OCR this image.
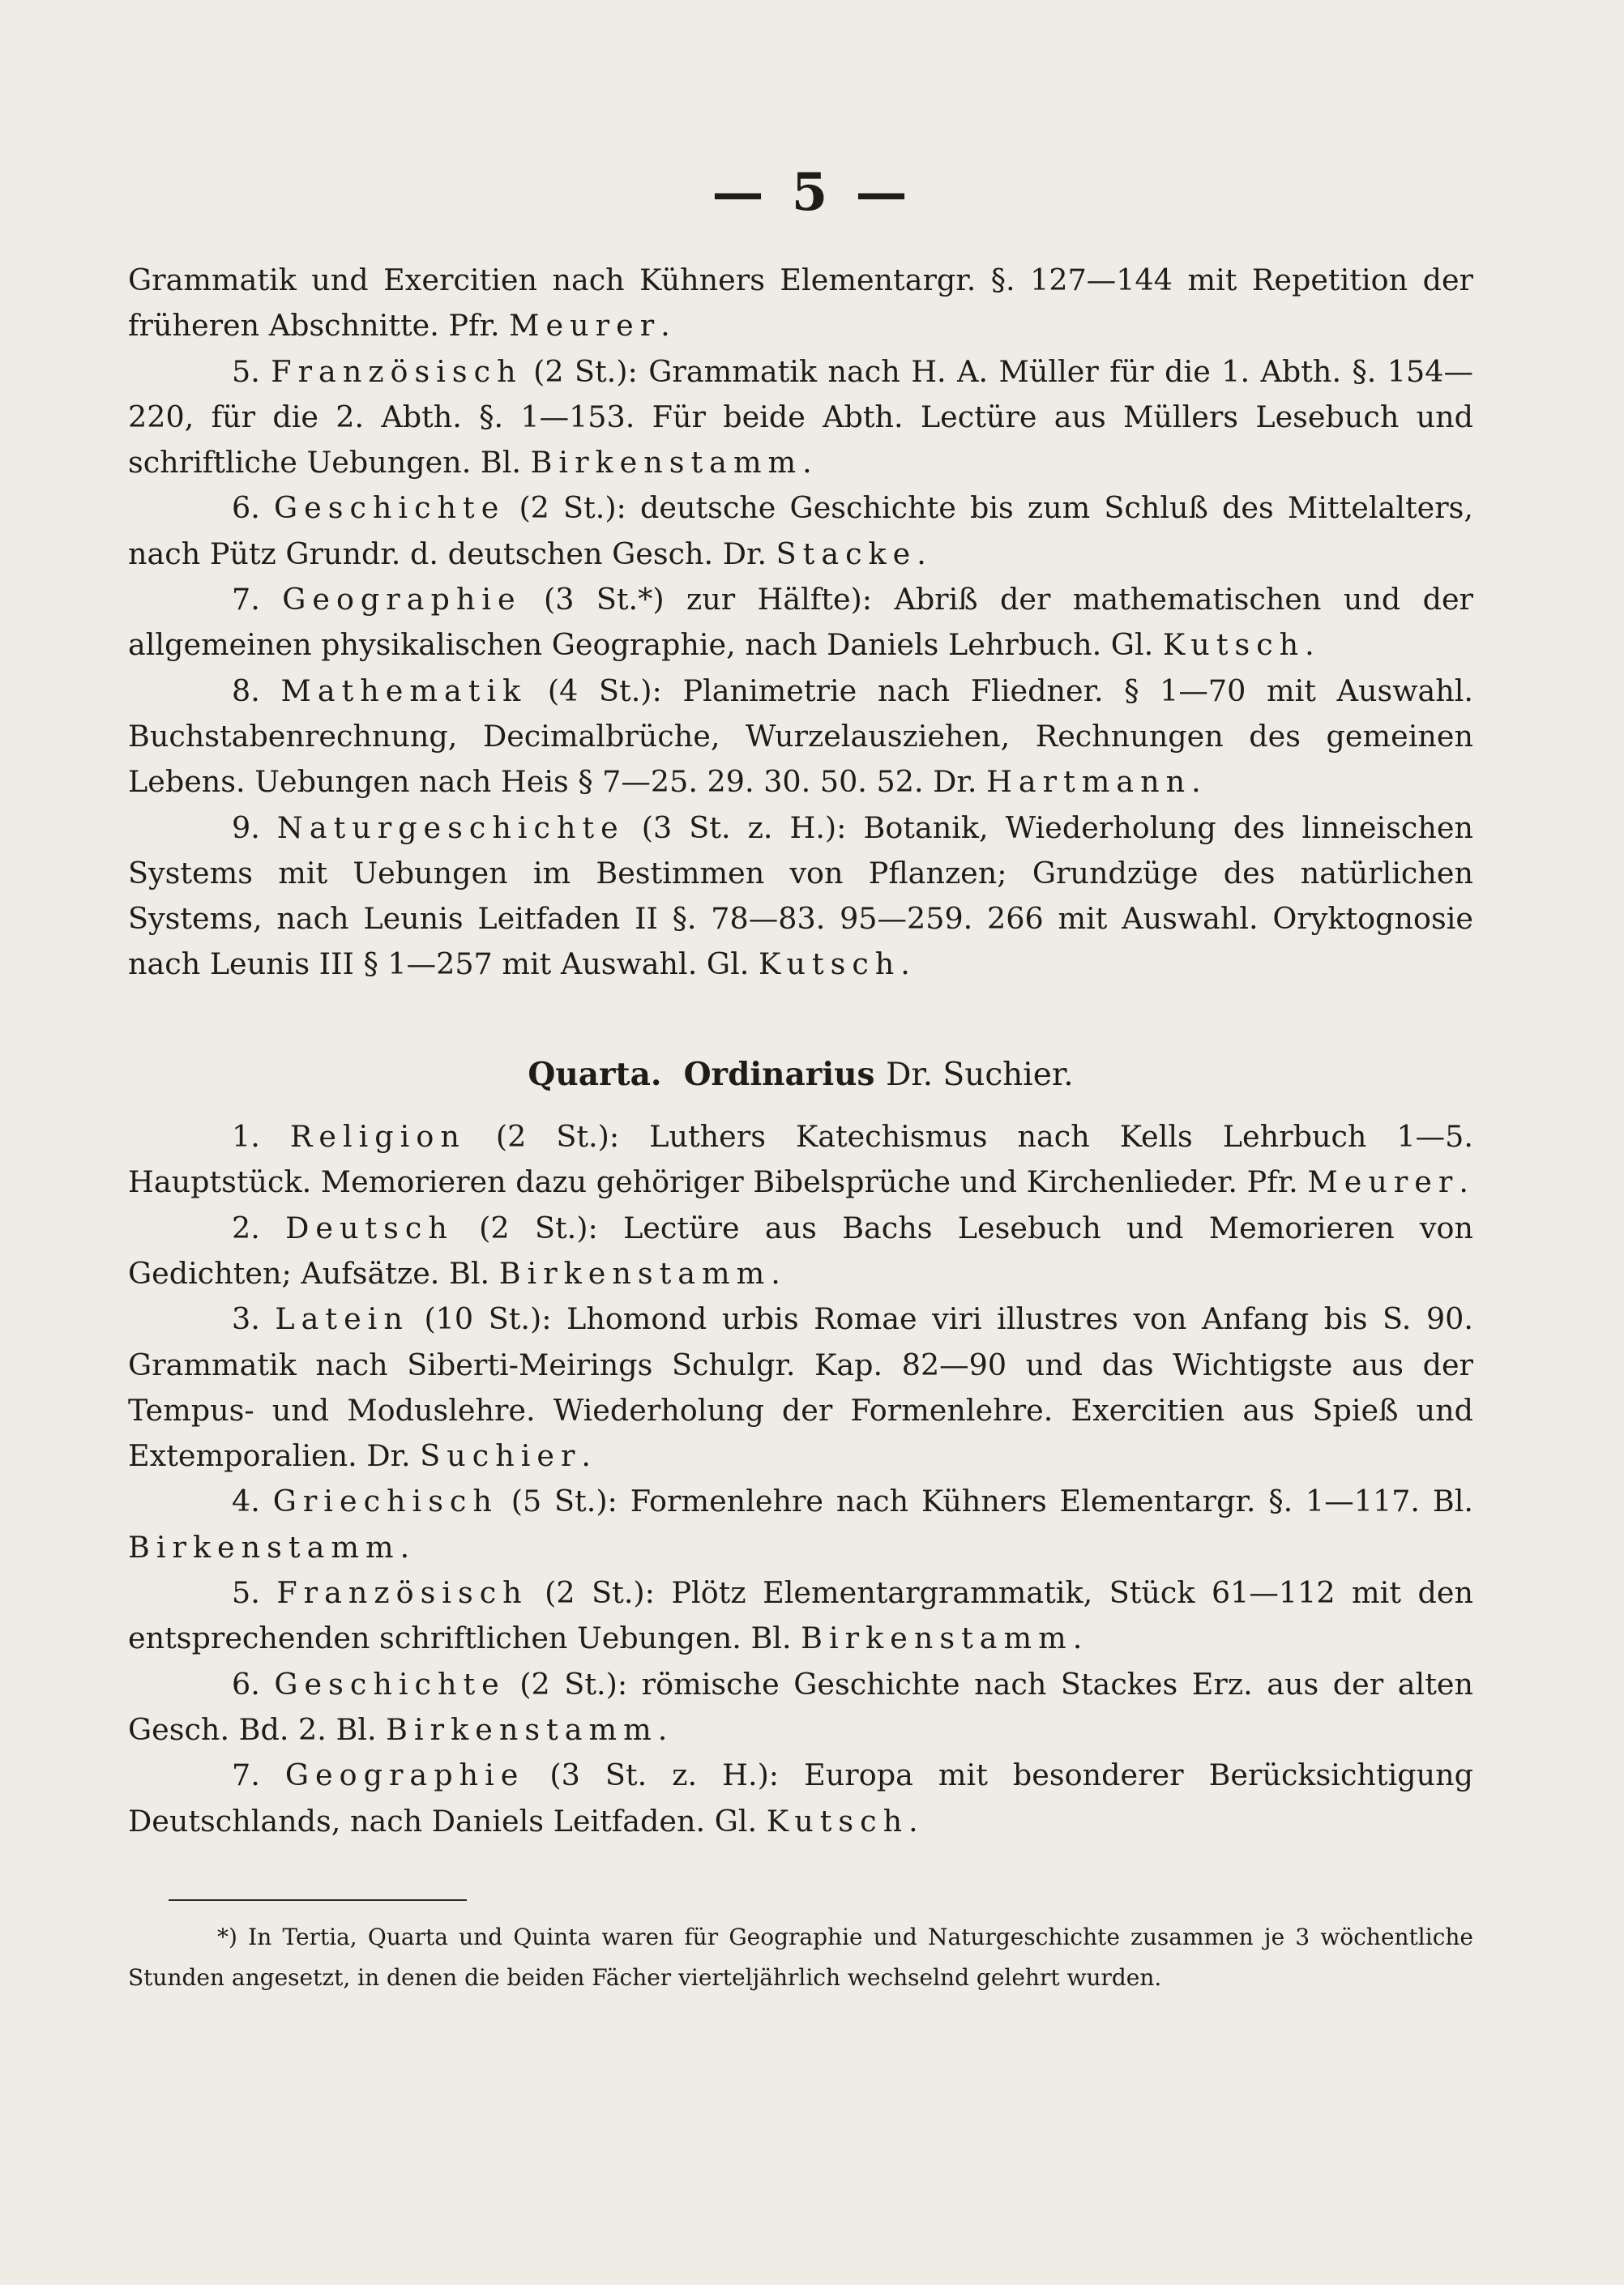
— 5 —

Grammatik und Exercitien nach Kühners Elementargr. §. 127—144 mit Repetition der früheren Abschnitte. Pfr. Meurer.

5. Französisch (2 St.): Grammatik nach H. A. Müller für die 1. Abth. §. 154—220, für die 2. Abth. §. 1—153. Für beide Abth. Lectüre aus Müllers Lesebuch und schriftliche Uebungen. Bl. Birkenstamm.

6. Geschichte (2 St.): deutsche Geschichte bis zum Schluß des Mittelalters, nach Pütz Grundr. d. deutschen Gesch. Dr. Stacke.

7. Geographie (3 St.*) zur Hälfte): Abriß der mathematischen und der allgemeinen physikalischen Geographie, nach Daniels Lehrbuch. Gl. Kutsch.

8. Mathematik (4 St.): Planimetrie nach Fliedner. § 1—70 mit Auswahl. Buchstabenrechnung, Decimalbrüche, Wurzelausziehen, Rechnungen des gemeinen Lebens. Uebungen nach Heis § 7—25. 29. 30. 50. 52. Dr. Hartmann.

9. Naturgeschichte (3 St. z. H.): Botanik, Wiederholung des linneischen Systems mit Uebungen im Bestimmen von Pflanzen; Grundzüge des natürlichen Systems, nach Leunis Leitfaden II §. 78—83. 95—259. 266 mit Auswahl. Oryktognosie nach Leunis III § 1—257 mit Auswahl. Gl. Kutsch.

Quarta. Ordinarius Dr. Suchier.

1. Religion (2 St.): Luthers Katechismus nach Kells Lehrbuch 1—5. Hauptstück. Memorieren dazu gehöriger Bibelsprüche und Kirchenlieder. Pfr. Meurer.

2. Deutsch (2 St.): Lectüre aus Bachs Lesebuch und Memorieren von Gedichten; Aufsätze. Bl. Birkenstamm.

3. Latein (10 St.): Lhomond urbis Romae viri illustres von Anfang bis S. 90. Grammatik nach Siberti-Meirings Schulgr. Kap. 82—90 und das Wichtigste aus der Tempus- und Moduslehre. Wiederholung der Formenlehre. Exercitien aus Spieß und Extemporalien. Dr. Suchier.

4. Griechisch (5 St.): Formenlehre nach Kühners Elementargr. §. 1—117. Bl. Birkenstamm.

5. Französisch (2 St.): Plötz Elementargrammatik, Stück 61—112 mit den entsprechenden schriftlichen Uebungen. Bl. Birkenstamm.

6. Geschichte (2 St.): römische Geschichte nach Stackes Erz. aus der alten Gesch. Bd. 2. Bl. Birkenstamm.

7. Geographie (3 St. z. H.): Europa mit besonderer Berücksichtigung Deutschlands, nach Daniels Leitfaden. Gl. Kutsch.

*) In Tertia, Quarta und Quinta waren für Geographie und Naturgeschichte zusammen je 3 wöchentliche Stunden angesetzt, in denen die beiden Fächer vierteljährlich wechselnd gelehrt wurden.
